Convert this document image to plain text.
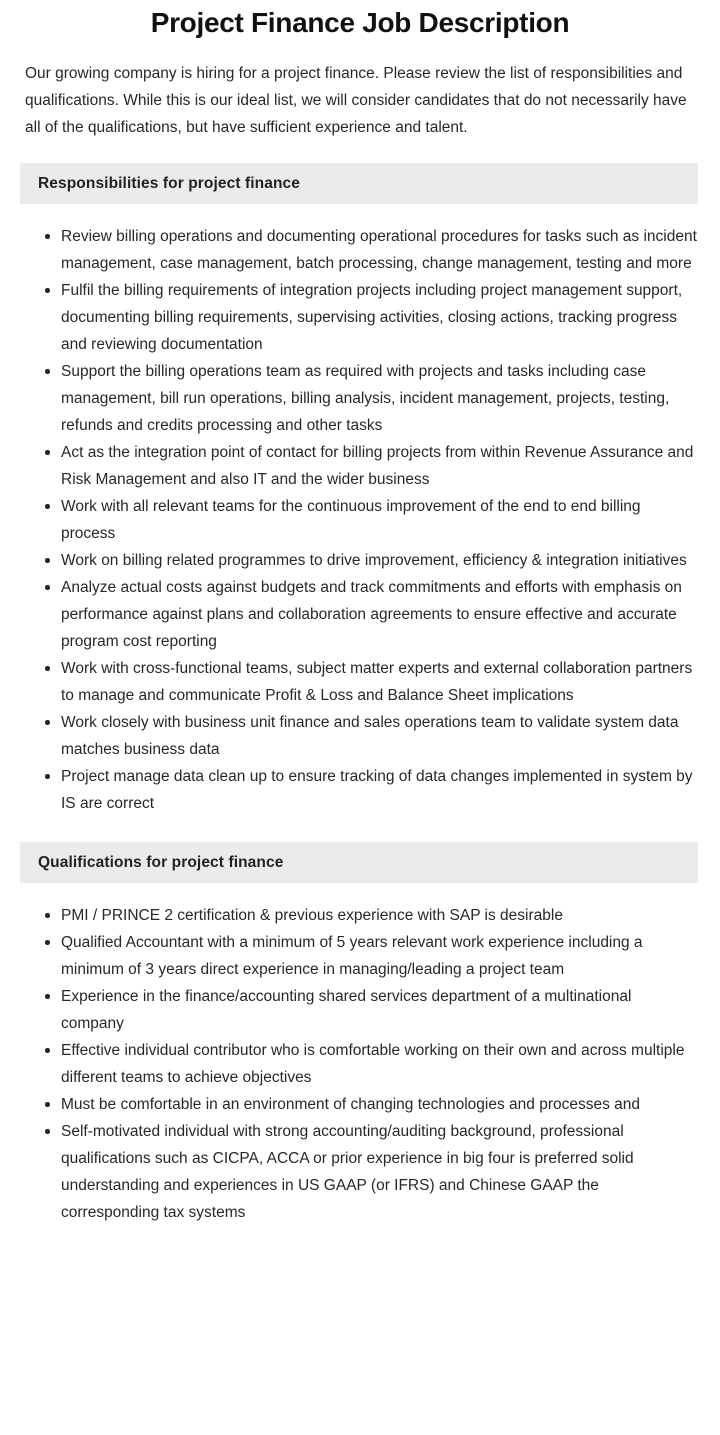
Project Finance Job Description

Our growing company is hiring for a project finance. Please review the list of responsibilities and qualifications. While this is our ideal list, we will consider candidates that do not necessarily have all of the qualifications, but have sufficient experience and talent.

Responsibilities for project finance
Review billing operations and documenting operational procedures for tasks such as incident management, case management, batch processing, change management, testing and more
Fulfil the billing requirements of integration projects including project management support, documenting billing requirements, supervising activities, closing actions, tracking progress and reviewing documentation
Support the billing operations team as required with projects and tasks including case management, bill run operations, billing analysis, incident management, projects, testing, refunds and credits processing and other tasks
Act as the integration point of contact for billing projects from within Revenue Assurance and Risk Management and also IT and the wider business
Work with all relevant teams for the continuous improvement of the end to end billing process
Work on billing related programmes to drive improvement, efficiency & integration initiatives
Analyze actual costs against budgets and track commitments and efforts with emphasis on performance against plans and collaboration agreements to ensure effective and accurate program cost reporting
Work with cross-functional teams, subject matter experts and external collaboration partners to manage and communicate Profit & Loss and Balance Sheet implications
Work closely with business unit finance and sales operations team to validate system data matches business data
Project manage data clean up to ensure tracking of data changes implemented in system by IS are correct
Qualifications for project finance
PMI / PRINCE 2 certification & previous experience with SAP is desirable
Qualified Accountant with a minimum of 5 years relevant work experience including a minimum of 3 years direct experience in managing/leading a project team
Experience in the finance/accounting shared services department of a multinational company
Effective individual contributor who is comfortable working on their own and across multiple different teams to achieve objectives
Must be comfortable in an environment of changing technologies and processes and
Self-motivated individual with strong accounting/auditing background, professional qualifications such as CICPA, ACCA or prior experience in big four is preferred solid understanding and experiences in US GAAP (or IFRS) and Chinese GAAP the corresponding tax systems
